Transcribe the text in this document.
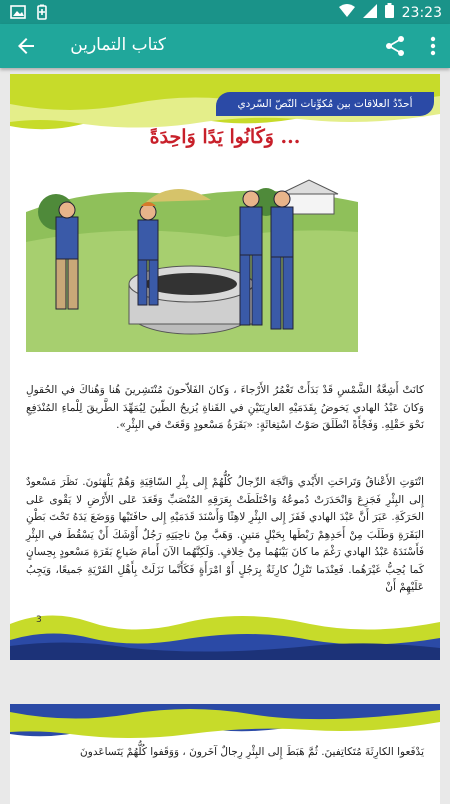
23:23
كتاب التمارين
أحدّدُ العلاقات بين مُكوِّنات النّصّ السّردي
... وَكَانُوا يَدًا وَاحِدَةً
كانَتْ أَشِعَّةُ الشَّمْسِ قَدْ بَدَأَتْ تَغْمُرُ الأَرْجاءَ ، وَكانَ الفَلاّحونَ مُنْتَشِرينَ هُنا وَهُناكَ في الحُقولِ وَكانَ عَبْدُ الهادي يَخوضُ بِقَدَمَيْهِ العارِيَتَيْنِ في القَناةِ يُزيحُ الطّينَ لِيُمَهِّدَ الطَّريقَ لِلْماءِ المُنْدَفِعِ نَحْوَ حَقْلِهِ. وَفَجْأَةً انْطَلَقَ صَوْتُ اسْتِغاثَةٍ: «بَقَرَةُ مَسْعودٍ وَقَعَتْ في البِئْرِ».
انْتَوَتِ الأَعْناقُ وَتَراخَتِ الأَيْدي وَاتَّجَهَ الرِّجالُ كُلُّهُمْ إِلى بِئْرِ السّاقِيَةِ وَهُمْ يَلْهَثونَ. نَظَرَ مَسْعودٌ إِلى البِئْرِ فَجَزِعَ وَانْحَدَرَتْ دُموعُهُ وَاخْتَلَطَتْ بِعَرَقِهِ المُنْصَبِّ وَقَعَدَ عَلى الأَرْضِ لا يَقْوى عَلى الحَرَكَةِ. عَبَرَ أَنَّ عَبْدَ الهادي قَفَزَ إِلى البِئْرِ لاهِثًا وَأَسْنَدَ قَدَمَيْهِ إِلى حافَتَيْها وَوَضَعَ يَدَهُ تَحْتَ بَطْنِ البَقَرَةِ وَطَلَبَ مِنْ أَحَدِهِمْ رَبْطَها بِحَبْلٍ مَتينٍ. وَهَبَّ مِنْ ناحِيَتِهِ رَجُلٌ أَوْشَكَ أَنْ يَسْقُطَ في البِئْرِ فَأَسْنَدَهُ عَبْدُ الهادي رَغْمَ ما كانَ بَيْنَهُما مِنْ خِلافٍ. وَلَكِنَّهُما الآنَ أَمامَ ضَياعِ بَقَرَةِ مَسْعودٍ بِحِسانٍ كَما يُحِبُّ غَيْرَهُما. فَعِنْدَما تَنْزِلُ كارِثَةٌ بِرَجُلٍ أَوْ امْرَأَةٍ فَكَأَنَّما نَزَلَتْ بِأَهْلِ القَرْيَةِ جَميعًا، وَيَجِبُ عَلَيْهِمْ أَنْ
3
يَدْفَعوا الكارِثَةَ مُتَكاتِفينَ. ثُمَّ هَبَطَ إِلى البِئْرِ رِجالٌ آخَرونَ ، وَوَقَفوا كُلُّهُمْ يَتَساعَدونَ
